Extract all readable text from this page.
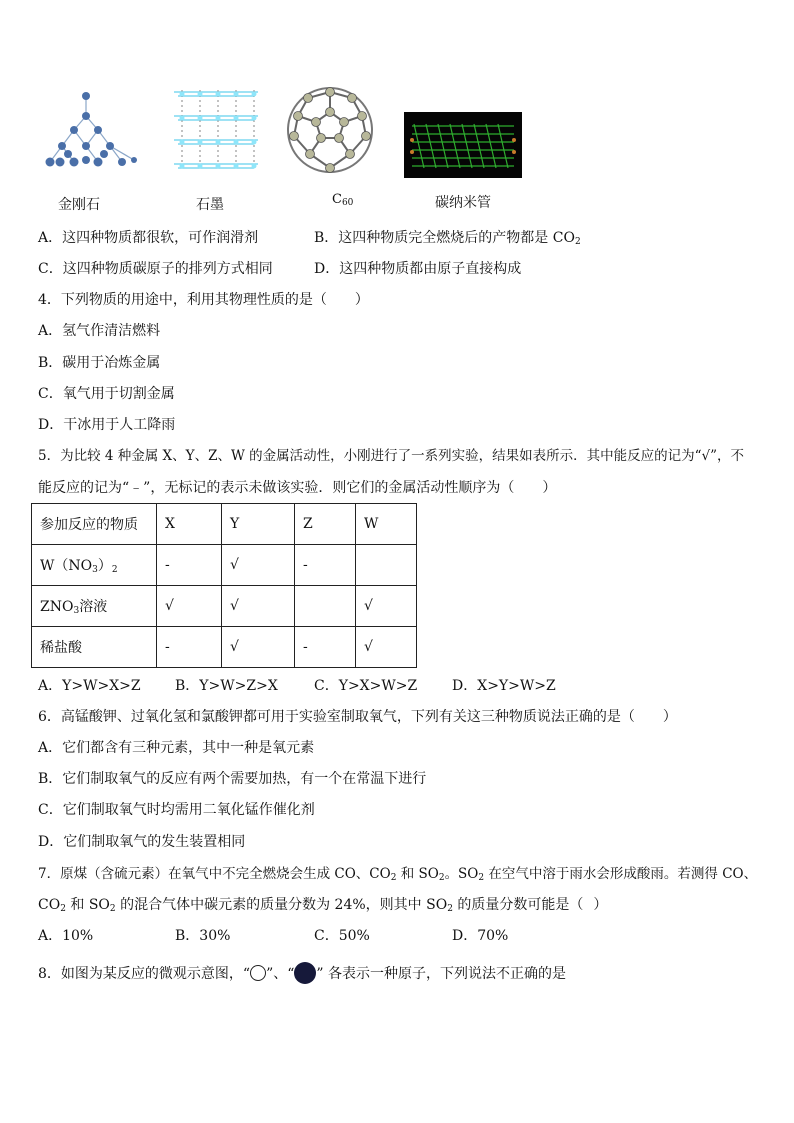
金刚石	石墨	$C_{60}$	碳纳米管
A．这四种物质都很软，可作润滑剂	B．这四种物质完全燃烧后的产物都是 $CO_2$
C．这四种物质碳原子的排列方式相同	D．这四种物质都由原子直接构成
4．下列物质的用途中，利用其物理性质的是（ ）
A．氢气作清洁燃料
B．碳用于冶炼金属
C．氧气用于切割金属
D．干冰用于人工降雨
5．为比较 4 种金属 X、Y、Z、W 的金属活动性，小刚进行了一系列实验，结果如表所示．其中能反应的记为“√”，不
能反应的记为“﹣”，无标记的表示未做该实验．则它们的金属活动性顺序为（ ）
参加反应的物质	X	Y	Z	W
$W(NO_3)_2$	-	√	-	
$ZNO_3$溶液	√	√		√
稀盐酸	-	√	-	√
A．Y>W>X>Z B．Y>W>Z>X	C．Y>X>W>Z D．X>Y>W>Z
6．高锰酸钾、过氧化氢和氯酸钾都可用于实验室制取氧气，下列有关这三种物质说法正确的是（ ）
A．它们都含有三种元素，其中一种是氧元素
B．它们制取氧气的反应有两个需要加热，有一个在常温下进行
C．它们制取氧气时均需用二氧化锰作催化剂
D．它们制取氧气的发生装置相同
7．原煤（含硫元素）在氧气中不完全燃烧会生成 CO、$CO_2$ 和 $SO_2$。$SO_2$ 在空气中溶于雨水会形成酸雨。若测得 CO、
$CO_2$ 和 $SO_2$ 的混合气体中碳元素的质量分数为 24%，则其中 $SO_2$ 的质量分数可能是（ ）
A．10%	B．30%	C．50%	D．70%
8．如图为某反应的微观示意图，“ ”、“ ” 各表示一种原子，下列说法不正确的是
